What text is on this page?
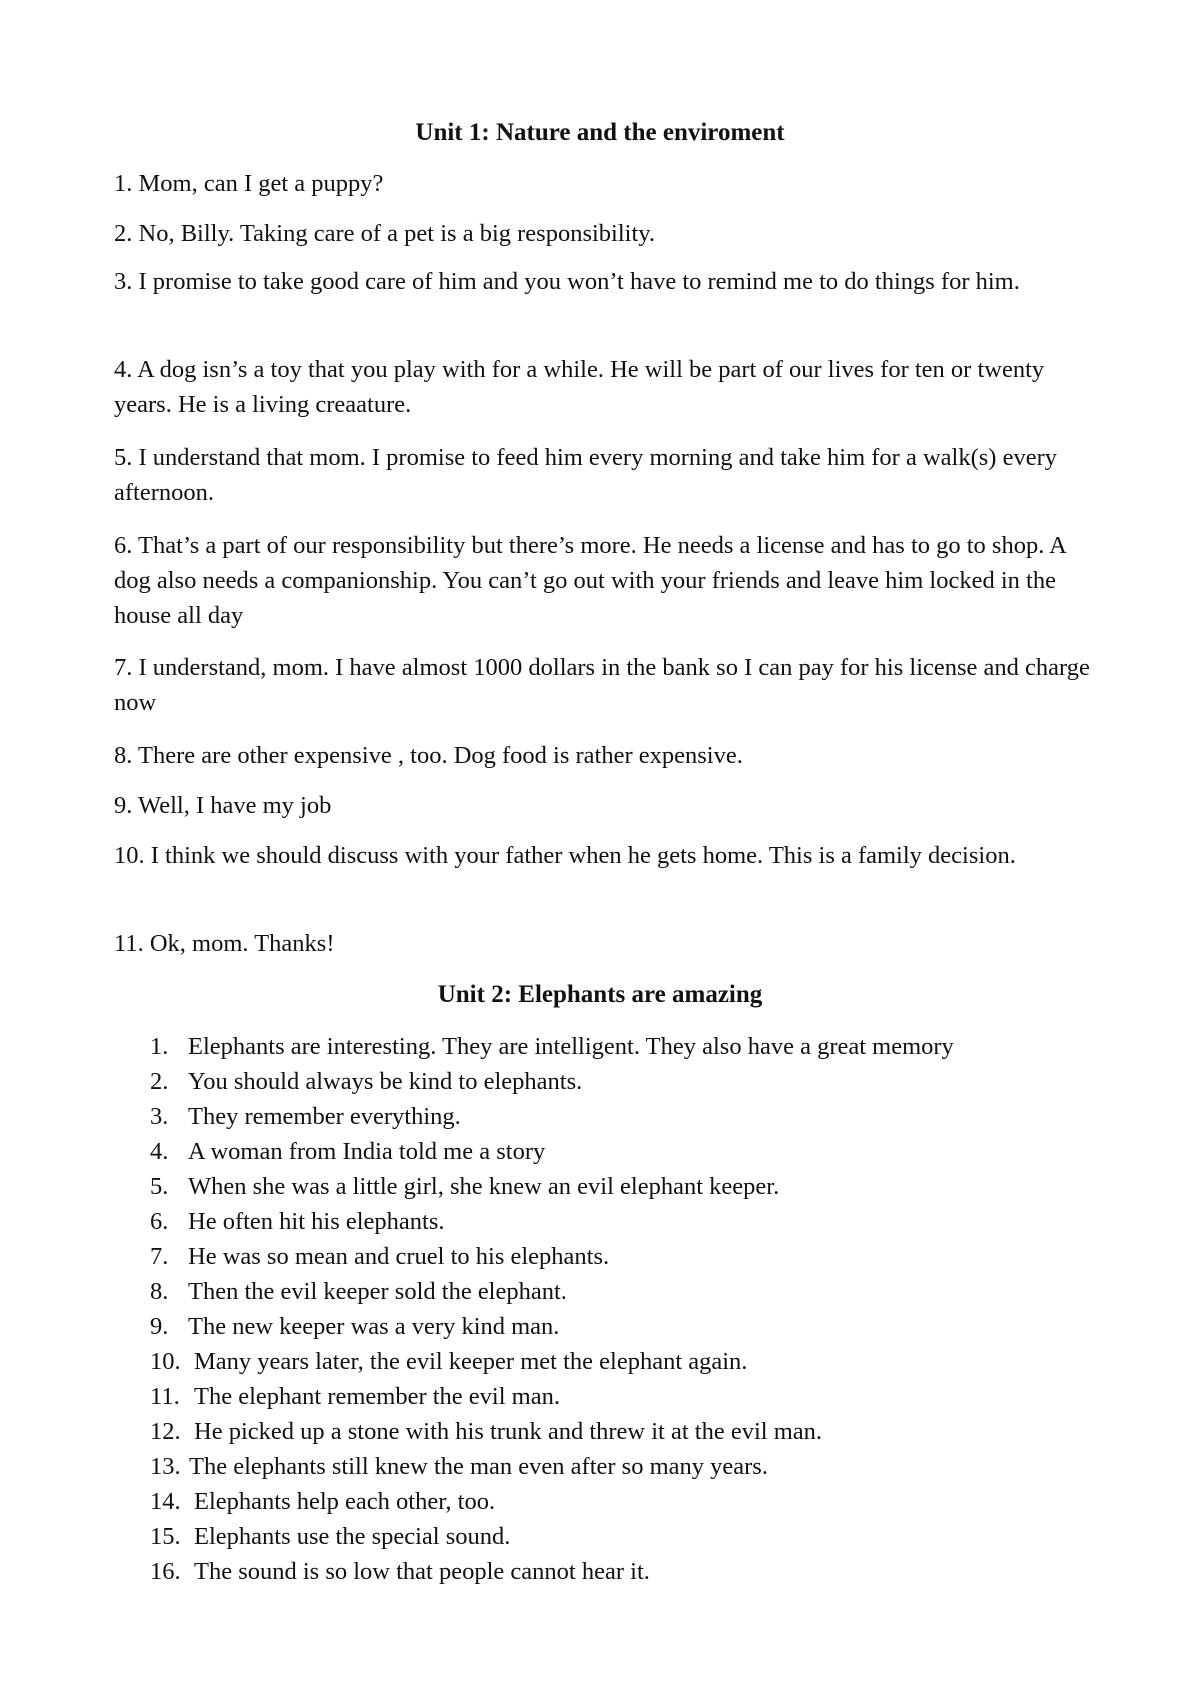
Unit 1: Nature and the enviroment

1. Mom, can I get a puppy?

2. No, Billy. Taking care of a pet is a big responsibility.

3. I promise to take good care of him and you won’t have to remind me to do things for him.

4. A dog isn’s a toy that you play with for a while. He will be part of our lives for ten or twenty years. He is a living creaature.

5. I understand that mom. I promise to feed him every morning and take him for a walk(s) every afternoon.

6. That’s a part of our responsibility but there’s more. He needs a license and has to go to shop. A dog also needs a companionship. You can’t go out with your friends and leave him locked in the house all day

7. I understand, mom. I have almost 1000 dollars in the bank so I can pay for his license and charge now

8. There are other expensive , too. Dog food is rather expensive.

9. Well, I have my job

10. I think we should discuss with your father when he gets home. This is a family decision.

11. Ok, mom. Thanks!

Unit 2: Elephants are amazing
1. Elephants are interesting. They are intelligent. They also have a great memory
2. You should always be kind to elephants.
3. They remember everything.
4. A woman from India told me a story
5. When she was a little girl, she knew an evil elephant keeper.
6. He often hit his elephants.
7. He was so mean and cruel to his elephants.
8. Then the evil keeper sold the elephant.
9. The new keeper was a very kind man.
10. Many years later, the evil keeper met the elephant again.
11. The elephant remember the evil man.
12. He picked up a stone with his trunk and threw it at the evil man.
13. The elephants still knew the man even after so many years.
14. Elephants help each other, too.
15. Elephants use the special sound.
16. The sound is so low that people cannot hear it.
